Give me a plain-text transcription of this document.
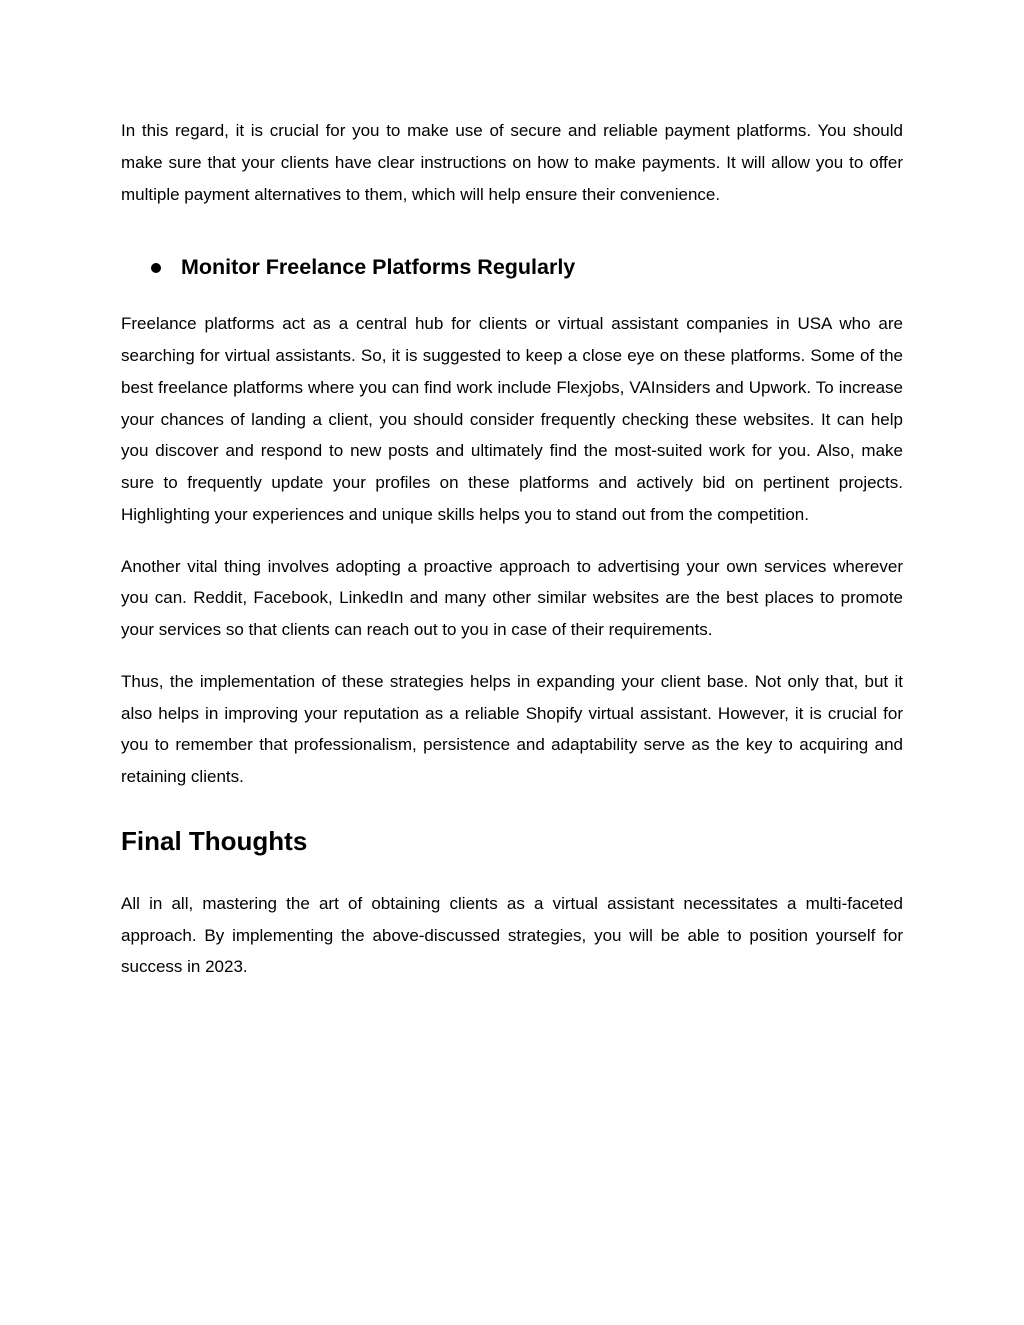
In this regard, it is crucial for you to make use of secure and reliable payment platforms. You should make sure that your clients have clear instructions on how to make payments. It will allow you to offer multiple payment alternatives to them, which will help ensure their convenience.

Monitor Freelance Platforms Regularly

Freelance platforms act as a central hub for clients or virtual assistant companies in USA who are searching for virtual assistants. So, it is suggested to keep a close eye on these platforms. Some of the best freelance platforms where you can find work include Flexjobs, VAInsiders and Upwork. To increase your chances of landing a client, you should consider frequently checking these websites. It can help you discover and respond to new posts and ultimately find the most-suited work for you. Also, make sure to frequently update your profiles on these platforms and actively bid on pertinent projects. Highlighting your experiences and unique skills helps you to stand out from the competition.

Another vital thing involves adopting a proactive approach to advertising your own services wherever you can. Reddit, Facebook, LinkedIn and many other similar websites are the best places to promote your services so that clients can reach out to you in case of their requirements.

Thus, the implementation of these strategies helps in expanding your client base. Not only that, but it also helps in improving your reputation as a reliable Shopify virtual assistant. However, it is crucial for you to remember that professionalism, persistence and adaptability serve as the key to acquiring and retaining clients.

Final Thoughts

All in all, mastering the art of obtaining clients as a virtual assistant necessitates a multi-faceted approach. By implementing the above-discussed strategies, you will be able to position yourself for success in 2023.
